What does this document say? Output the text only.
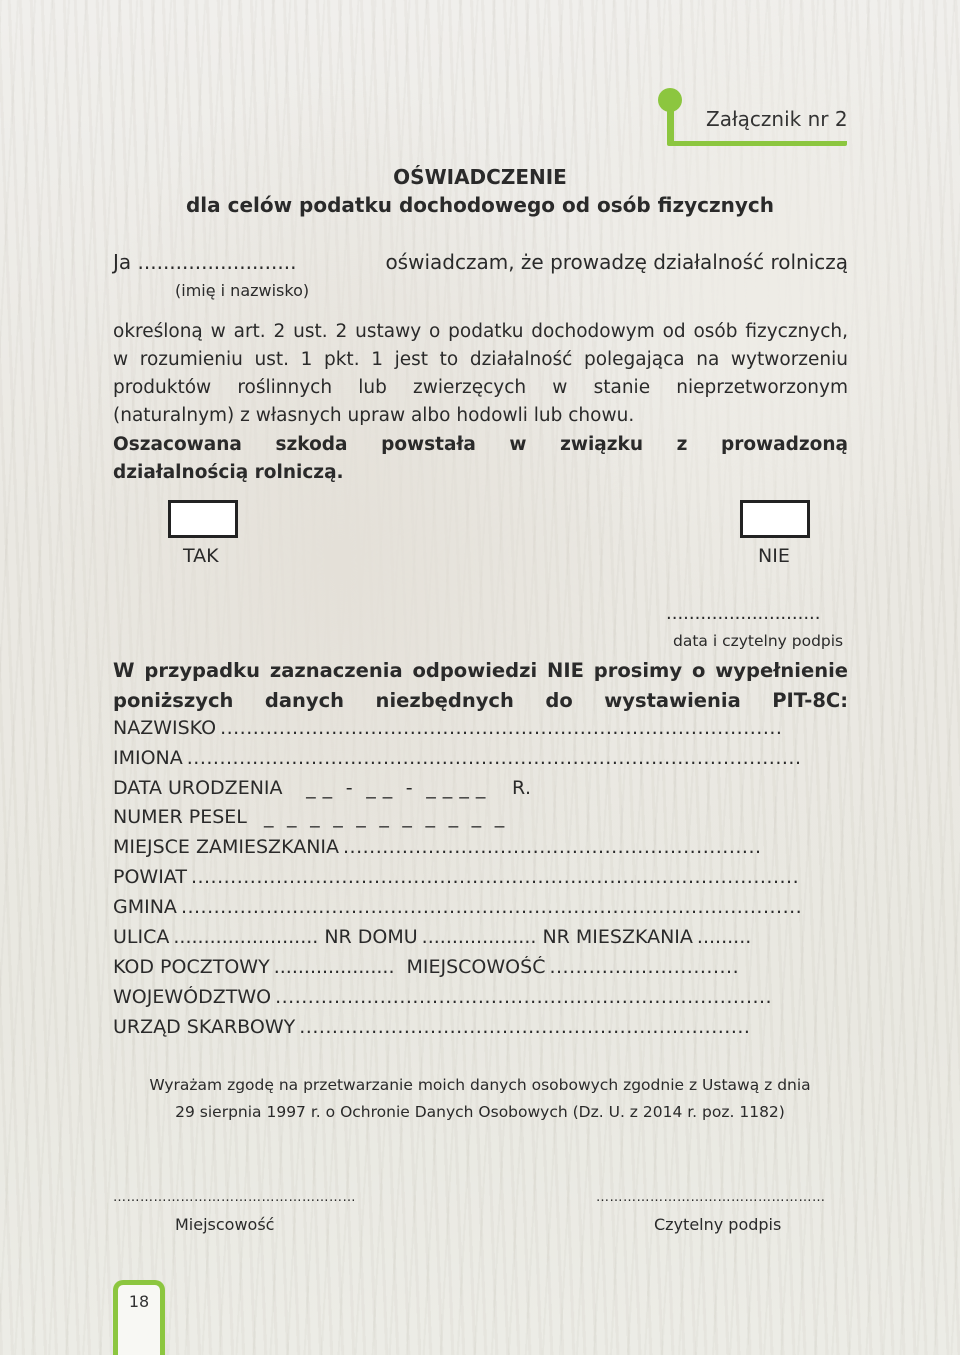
Załącznik nr 2
OŚWIADCZENIE
dla celów podatku dochodowego od osób fizycznych
Ja .........................	oświadczam, że prowadzę działalność rolniczą
(imię i nazwisko)
określoną w art. 2 ust. 2 ustawy o podatku dochodowym od osób fizycznych,
w rozumieniu ust. 1 pkt. 1 jest to działalność polegająca na wytworzeniu
produktów roślinnych lub zwierzęcych w stanie nieprzetworzonym
(naturalnym) z własnych upraw albo hodowli lub chowu.
Oszacowana szkoda powstała w związku z prowadzoną
działalnością rolniczą.
TAK	NIE
...........................
data i czytelny podpis
W przypadku zaznaczenia odpowiedzi NIE prosimy o wypełnienie
poniższych danych niezbędnych do wystawienia PIT-8C:
NAZWISKO ......................................................................................
IMIONA ..............................................................................................
DATA URODZENIA _ _  -  _ _  -  _ _ _ _    R.
NUMER PESEL _  _  _  _  _  _  _  _  _  _  _
MIEJSCE ZAMIESZKANIA ................................................................
POWIAT .............................................................................................
GMINA ...............................................................................................
ULICA ........................ NR DOMU ................... NR MIESZKANIA .........
KOD POCZTOWY .................... MIEJSCOWOŚĆ .............................
WOJEWÓDZTWO ............................................................................
URZĄD SKARBOWY .....................................................................
Wyrażam zgodę na przetwarzanie moich danych osobowych zgodnie z Ustawą z dnia
29 sierpnia 1997 r. o Ochronie Danych Osobowych (Dz. U. z 2014 r. poz. 1182)
………………………………………………
Miejscowość
……………………………………………
Czytelny podpis
18
